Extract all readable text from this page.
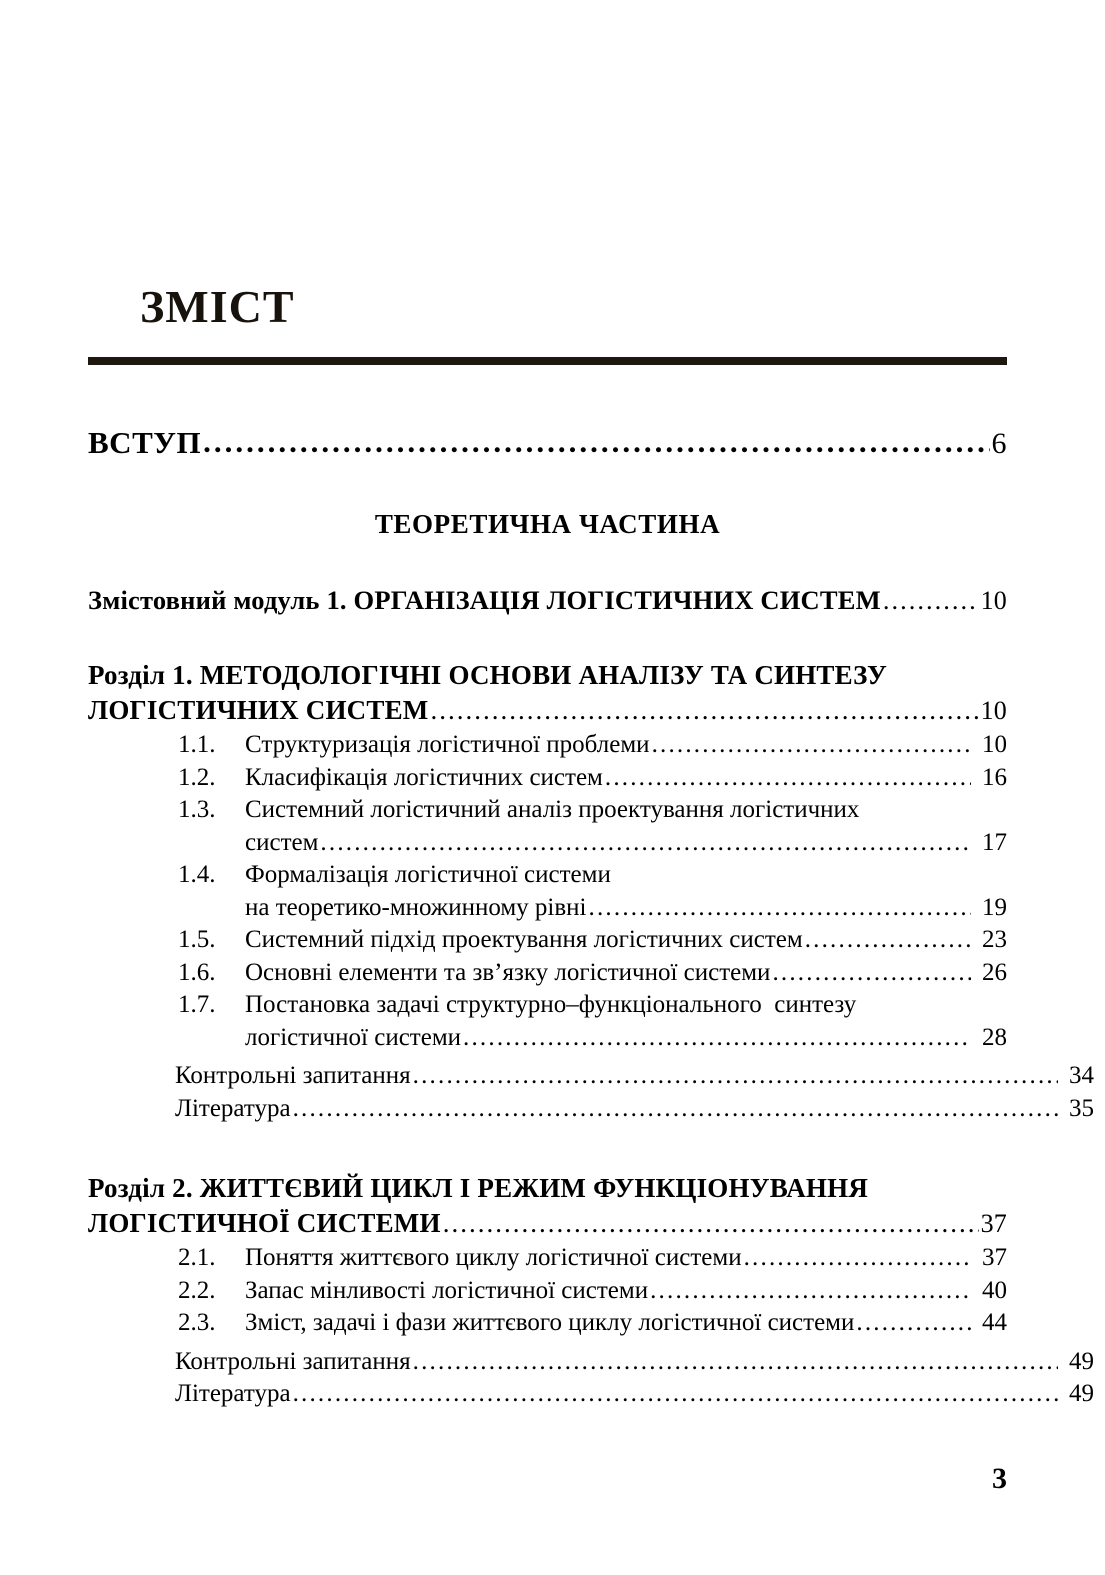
ЗМІСТ
ВСТУП .....	6
ТЕОРЕТИЧНА ЧАСТИНА
Змістовний модуль 1. ОРГАНІЗАЦІЯ ЛОГІСТИЧНИХ СИСТЕМ .....	10
Розділ 1. МЕТОДОЛОГІЧНІ ОСНОВИ АНАЛІЗУ ТА СИНТЕЗУ
ЛОГІСТИЧНИХ СИСТЕМ .....	10
1.1.	Структуризація логістичної проблеми .....	10
1.2.	Класифікація логістичних систем .....	16
1.3.	Системний логістичний аналіз проектування логістичних
систем .....	17
1.4.	Формалізація логістичної системи
на теоретико-множинному рівні .....	19
1.5.	Системний підхід проектування логістичних систем .....	23
1.6.	Основні елементи та зв’язку логістичної системи .....	26
1.7.	Постановка задачі структурно–функціонального  синтезу
логістичної системи .....	28
Контрольні запитання .....	34
Література .....	35
Розділ 2. ЖИТТЄВИЙ ЦИКЛ І РЕЖИМ ФУНКЦІОНУВАННЯ
ЛОГІСТИЧНОЇ СИСТЕМИ .....	37
2.1.	Поняття життєвого циклу логістичної системи .....	37
2.2.	Запас мінливості логістичної системи .....	40
2.3.	Зміст, задачі і фази життєвого циклу логістичної системи .....	44
Контрольні запитання .....	49
Література .....	49
3
